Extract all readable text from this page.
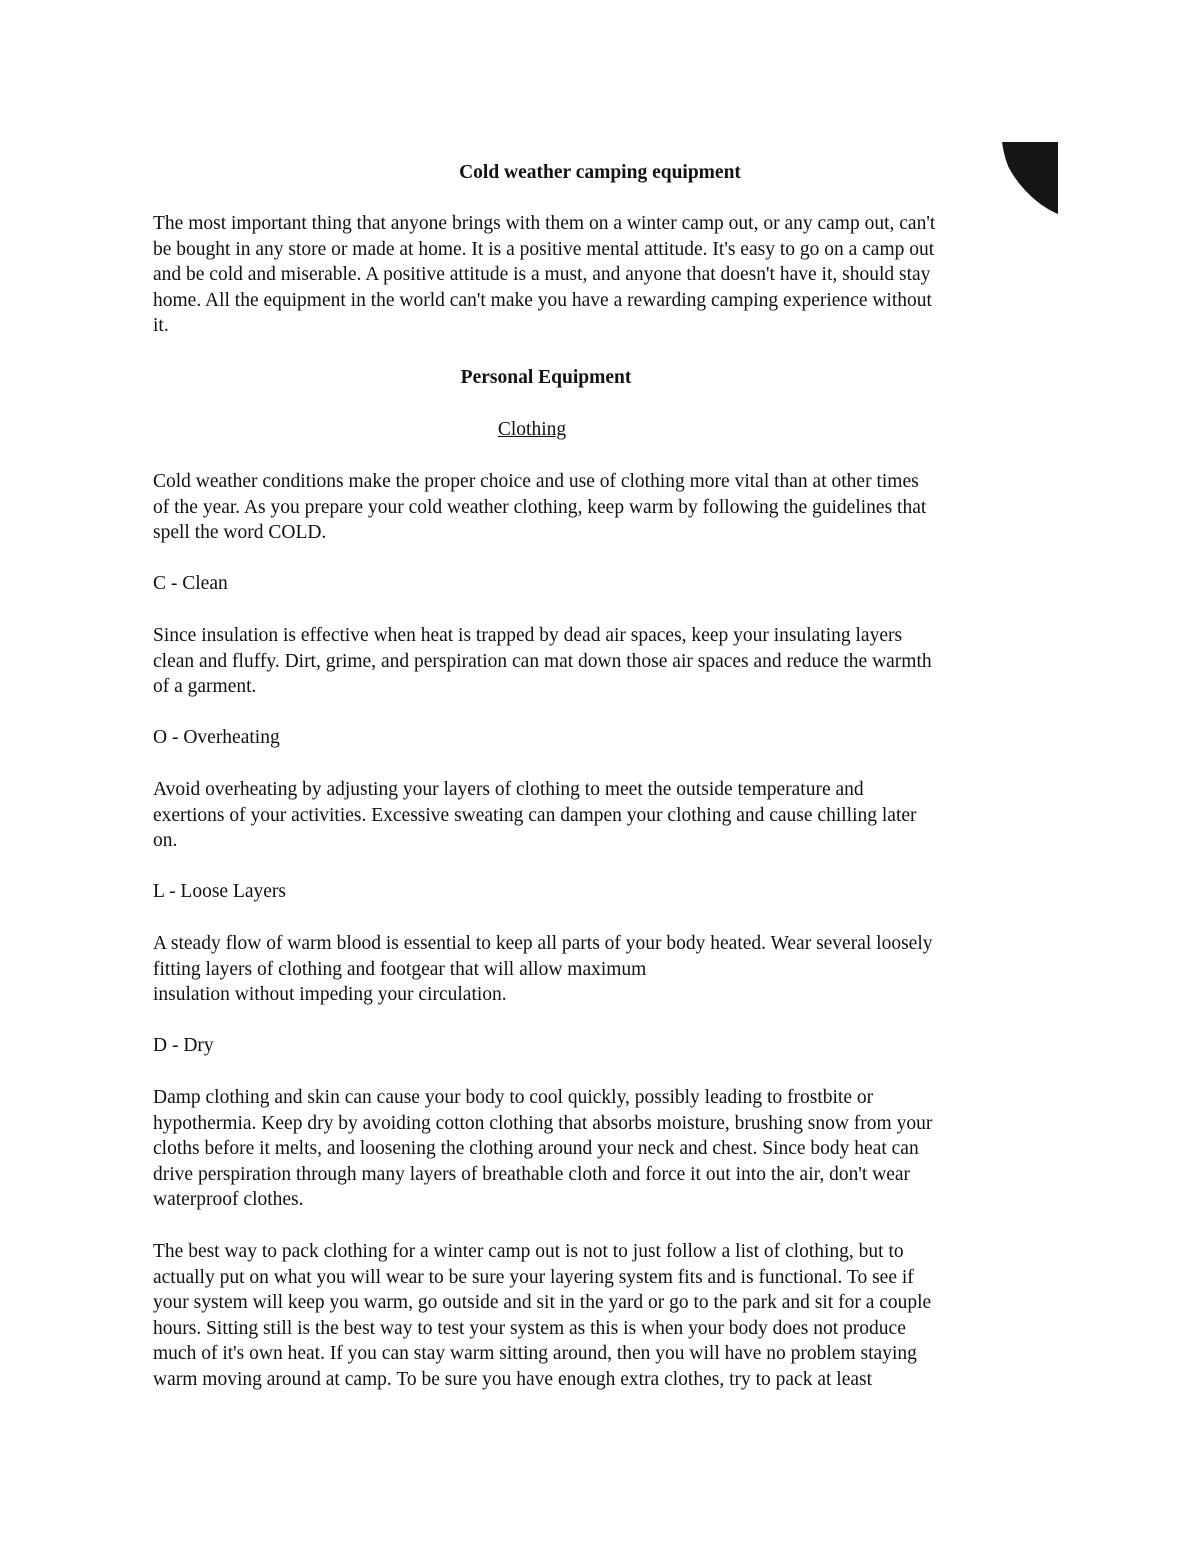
Cold weather camping equipment

The most important thing that anyone brings with them on a winter camp out, or any camp out, can't
be bought in any store or made at home. It is a positive mental attitude. It's easy to go on a camp out
and be cold and miserable. A positive attitude is a must, and anyone that doesn't have it, should stay
home. All the equipment in the world can't make you have a rewarding camping experience without
it.

Personal Equipment
Clothing

Cold weather conditions make the proper choice and use of clothing more vital than at other times
of the year. As you prepare your cold weather clothing, keep warm by following the guidelines that
spell the word COLD.

C - Clean

Since insulation is effective when heat is trapped by dead air spaces, keep your insulating layers
clean and fluffy. Dirt, grime, and perspiration can mat down those air spaces and reduce the warmth
of a garment.

O - Overheating

Avoid overheating by adjusting your layers of clothing to meet the outside temperature and
exertions of your activities. Excessive sweating can dampen your clothing and cause chilling later
on.

L - Loose Layers

A steady flow of warm blood is essential to keep all parts of your body heated. Wear several loosely
fitting layers of clothing and footgear that will allow maximum
insulation without impeding your circulation.

D - Dry

Damp clothing and skin can cause your body to cool quickly, possibly leading to frostbite or
hypothermia. Keep dry by avoiding cotton clothing that absorbs moisture, brushing snow from your
cloths before it melts, and loosening the clothing around your neck and chest. Since body heat can
drive perspiration through many layers of breathable cloth and force it out into the air, don't wear
waterproof clothes.

The best way to pack clothing for a winter camp out is not to just follow a list of clothing, but to
actually put on what you will wear to be sure your layering system fits and is functional. To see if
your system will keep you warm, go outside and sit in the yard or go to the park and sit for a couple
hours. Sitting still is the best way to test your system as this is when your body does not produce
much of it's own heat. If you can stay warm sitting around, then you will have no problem staying
warm moving around at camp. To be sure you have enough extra clothes, try to pack at least
